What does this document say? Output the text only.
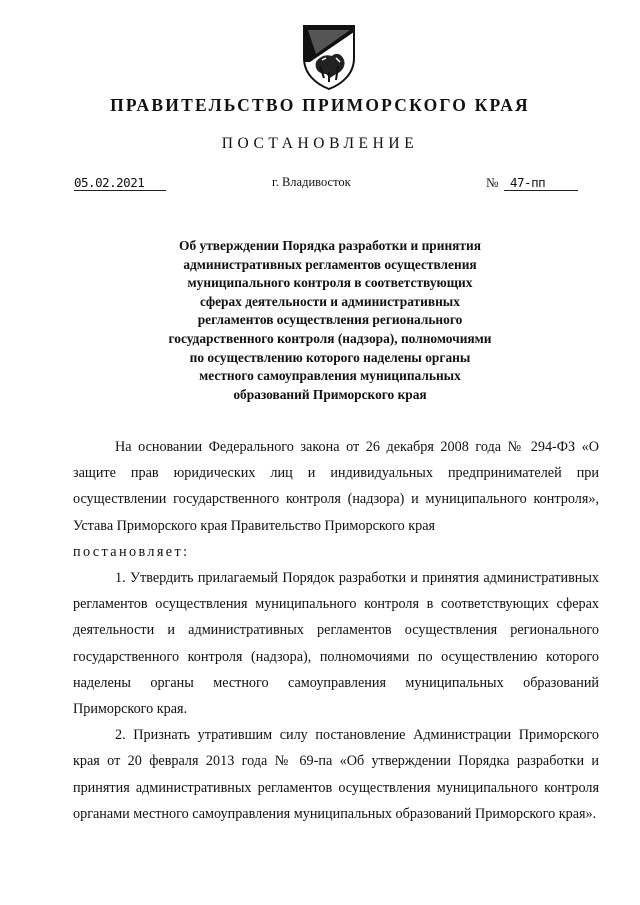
ПРАВИТЕЛЬСТВО ПРИМОРСКОГО КРАЯ
ПОСТАНОВЛЕНИЕ
05.02.2021	г. Владивосток	№ 47-пп
Об утверждении Порядка разработки и принятия
административных регламентов осуществления
муниципального контроля в соответствующих
сферах деятельности и административных
регламентов осуществления регионального
государственного контроля (надзора), полномочиями
по осуществлению которого наделены органы
местного самоуправления муниципальных
образований Приморского края

На основании Федерального закона от 26 декабря 2008 года № 294-ФЗ «О защите прав юридических лиц и индивидуальных предпринимателей при осуществлении государственного контроля (надзора) и муниципального контроля», Устава Приморского края Правительство Приморского края

постановляет:

1. Утвердить прилагаемый Порядок разработки и принятия административных регламентов осуществления муниципального контроля в соответствующих сферах деятельности и административных регламентов осуществления регионального государственного контроля (надзора), полномочиями по осуществлению которого наделены органы местного самоуправления муниципальных образований Приморского края.

2. Признать утратившим силу постановление Администрации Приморского края от 20 февраля 2013 года № 69-па «Об утверждении Порядка разработки и принятия административных регламентов осуществления муниципального контроля органами местного самоуправления муниципальных образований Приморского края».
